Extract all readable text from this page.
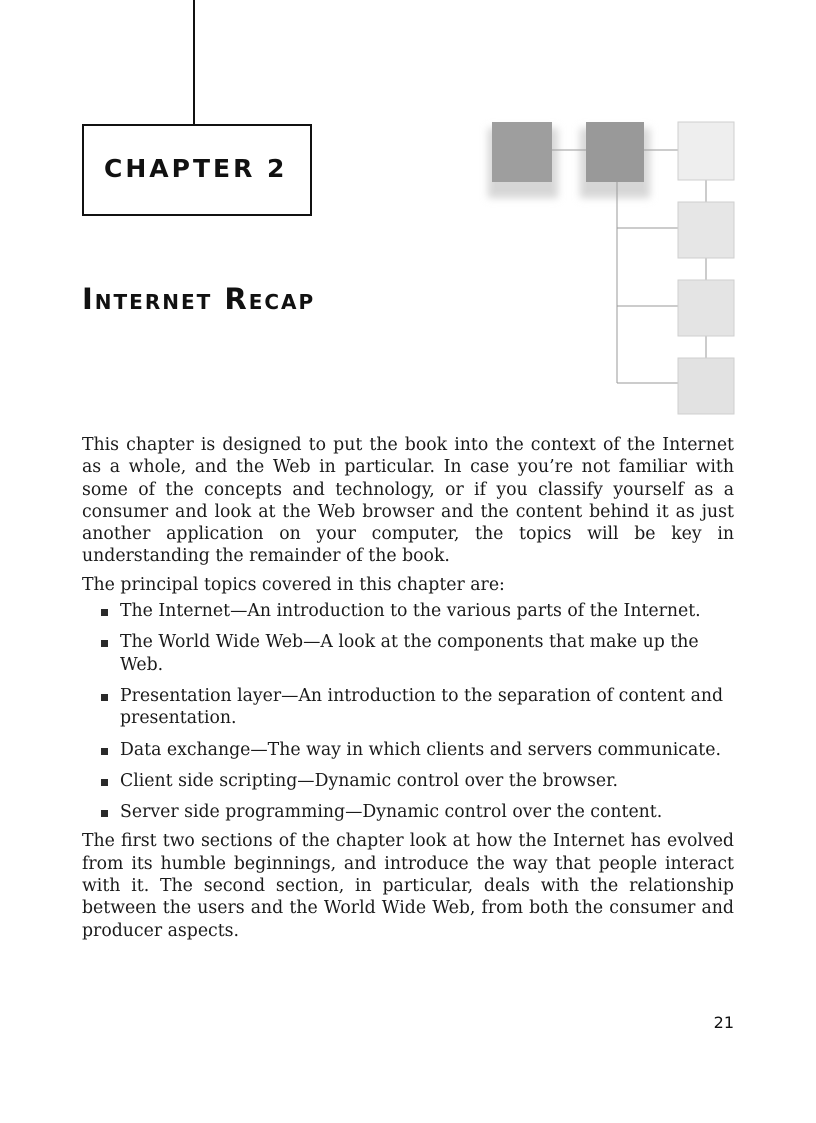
CHAPTER 2
Internet Recap

This chapter is designed to put the book into the context of the Internet as a whole, and the Web in particular. In case you’re not familiar with some of the concepts and technology, or if you classify yourself as a consumer and look at the Web browser and the content behind it as just another application on your computer, the topics will be key in understanding the remainder of the book.

The principal topics covered in this chapter are:

The Internet—An introduction to the various parts of the Internet.
The World Wide Web—A look at the components that make up the Web.
Presentation layer—An introduction to the separation of content and presentation.
Data exchange—The way in which clients and servers communicate.
Client side scripting—Dynamic control over the browser.
Server side programming—Dynamic control over the content.

The first two sections of the chapter look at how the Internet has evolved from its humble beginnings, and introduce the way that people interact with it. The second section, in particular, deals with the relationship between the users and the World Wide Web, from both the consumer and producer aspects.

21
